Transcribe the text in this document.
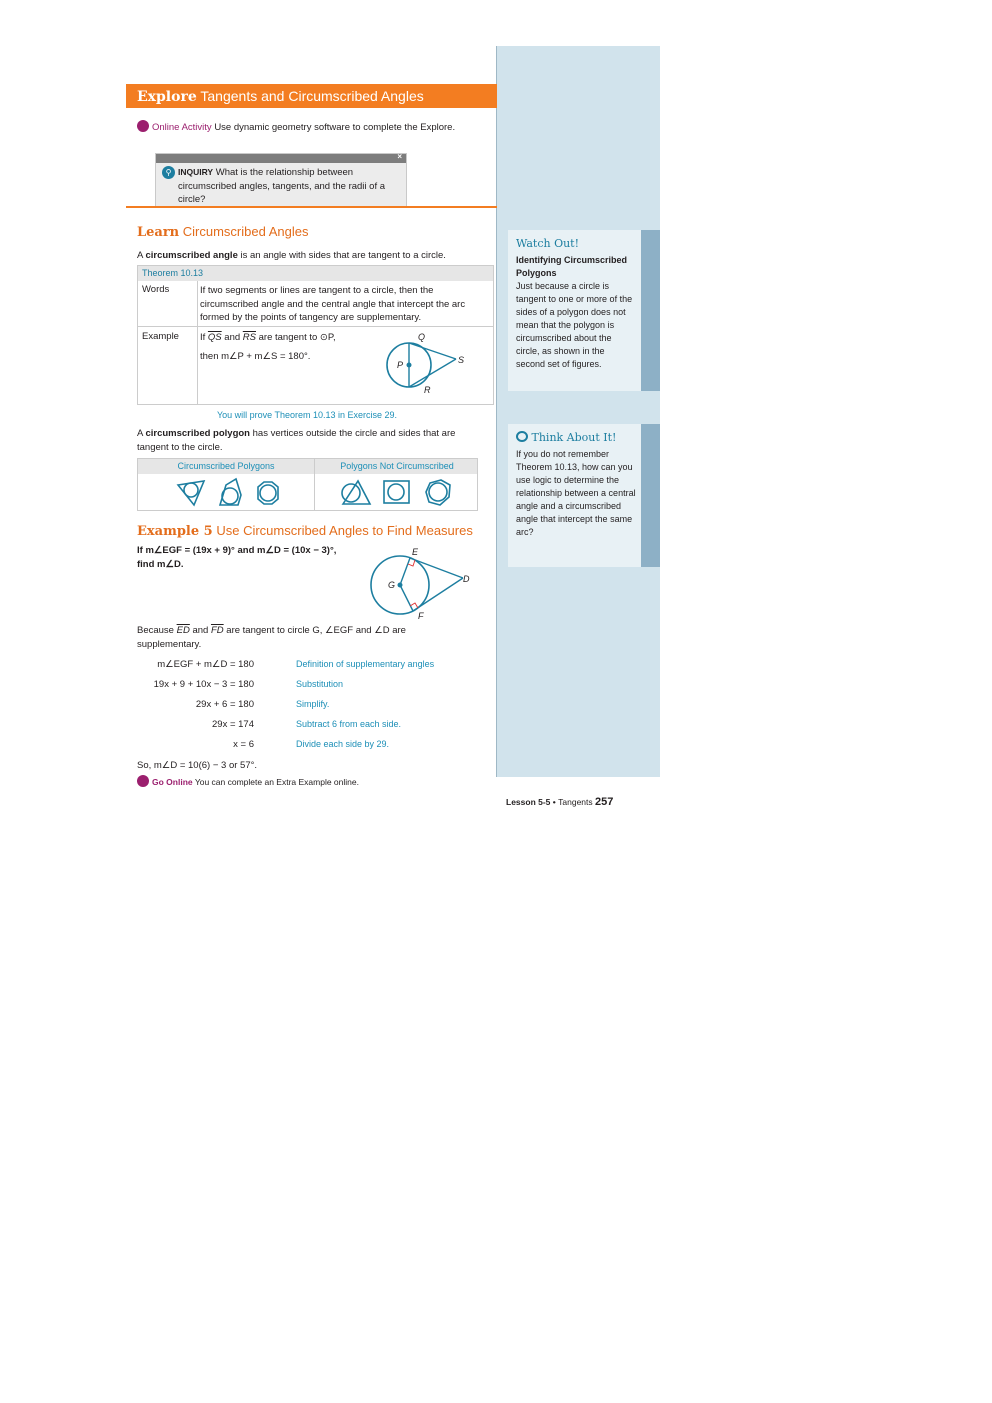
Explore Tangents and Circumscribed Angles
Online Activity Use dynamic geometry software to complete the Explore.
×
⚲ INQUIRY What is the relationship between circumscribed angles, tangents, and the radii of a circle?
Learn Circumscribed Angles
A circumscribed angle is an angle with sides that are tangent to a circle.
Theorem 10.13
Words	If two segments or lines are tangent to a circle, then the circumscribed angle and the central angle that intercept the arc formed by the points of tangency are supplementary.
Example If $\overline{QS}$ and $\overline{RS}$ are tangent to ⊙P,
then m∠P + m∠S = 180°.
Q
P	S
R
You will prove Theorem 10.13 in Exercise 29.
A circumscribed polygon has vertices outside the circle and sides that are tangent to the circle.
Circumscribed Polygons	Polygons Not Circumscribed
Example 5 Use Circumscribed Angles to Find Measures
If m∠EGF = (19x + 9)° and m∠D = (10x − 3)°,
find m∠D.
E
G
D
F
Because $\overline{ED}$ and $\overline{FD}$ are tangent to circle G, ∠EGF and ∠D are supplementary.
m∠EGF + m∠D = 180	Definition of supplementary angles
19x + 9 + 10x − 3 = 180	Substitution
29x + 6 = 180	Simplify.
29x = 174	Subtract 6 from each side.
x = 6	Divide each side by 29.
So, m∠D = 10(6) − 3 or 57°.
Go Online You can complete an Extra Example online.
Watch Out!
Identifying Circumscribed Polygons
Just because a circle is tangent to one or more of the sides of a polygon does not mean that the polygon is circumscribed about the circle, as shown in the second set of figures.
Think About It!
If you do not remember Theorem 10.13, how can you use logic to determine the relationship between a central angle and a circumscribed angle that intercept the same arc?
Lesson 5-5 • Tangents 257
